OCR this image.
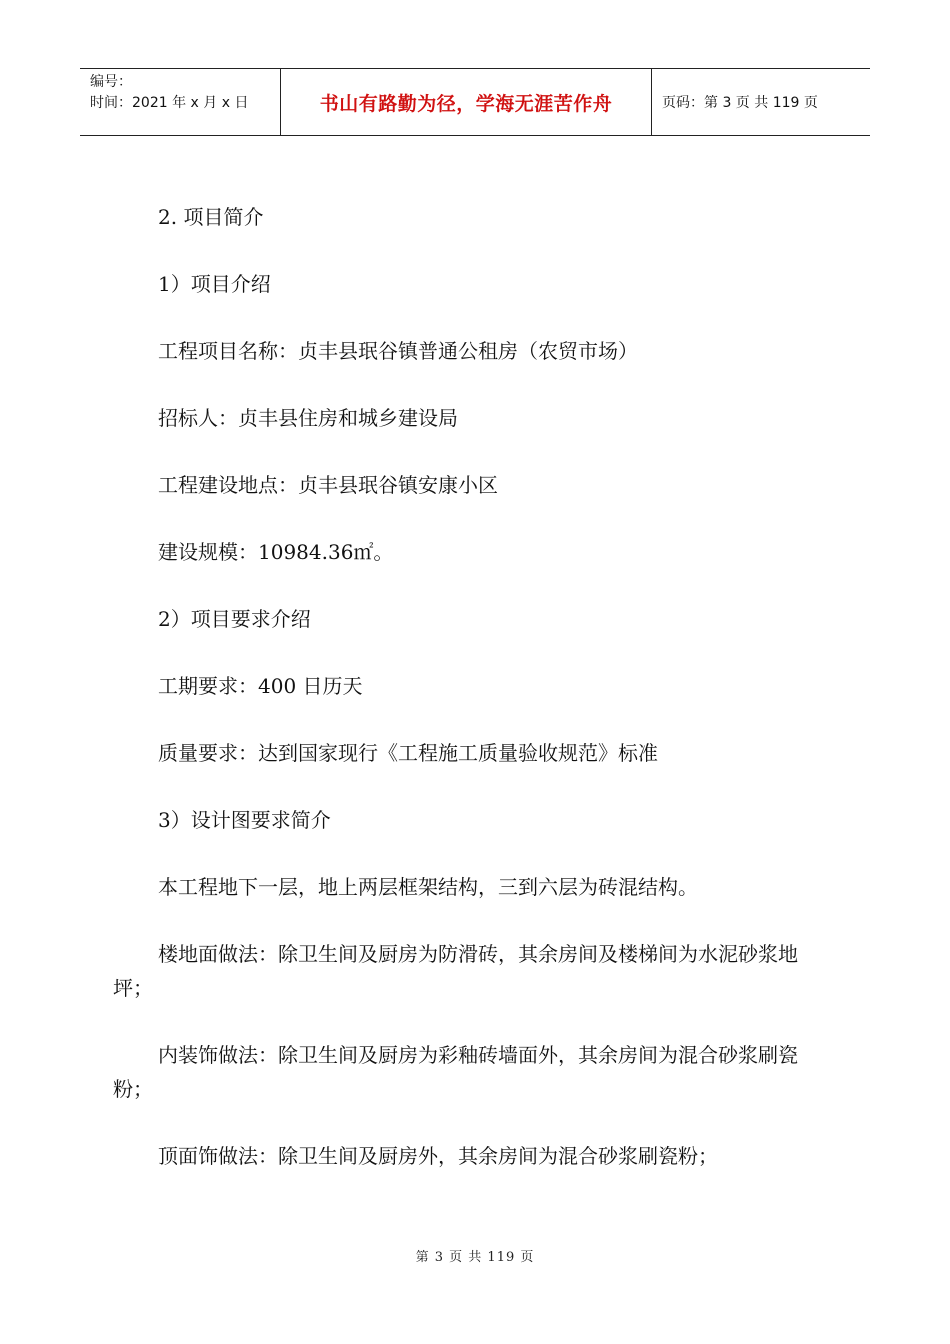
编号：
时间：2021 年 x 月 x 日	书山有路勤为径，学海无涯苦作舟	页码：第 3 页 共 119 页

2. 项目简介

1）项目介绍

工程项目名称：贞丰县珉谷镇普通公租房（农贸市场）

招标人：贞丰县住房和城乡建设局

工程建设地点：贞丰县珉谷镇安康小区

建设规模：10984.36㎡。

2）项目要求介绍

工期要求：400 日历天

质量要求：达到国家现行《工程施工质量验收规范》标准

3）设计图要求简介

本工程地下一层，地上两层框架结构，三到六层为砖混结构。

楼地面做法：除卫生间及厨房为防滑砖，其余房间及楼梯间为水泥砂浆地坪；

内装饰做法：除卫生间及厨房为彩釉砖墙面外，其余房间为混合砂浆刷瓷粉；

顶面饰做法：除卫生间及厨房外，其余房间为混合砂浆刷瓷粉；

第 3 页 共 119 页
